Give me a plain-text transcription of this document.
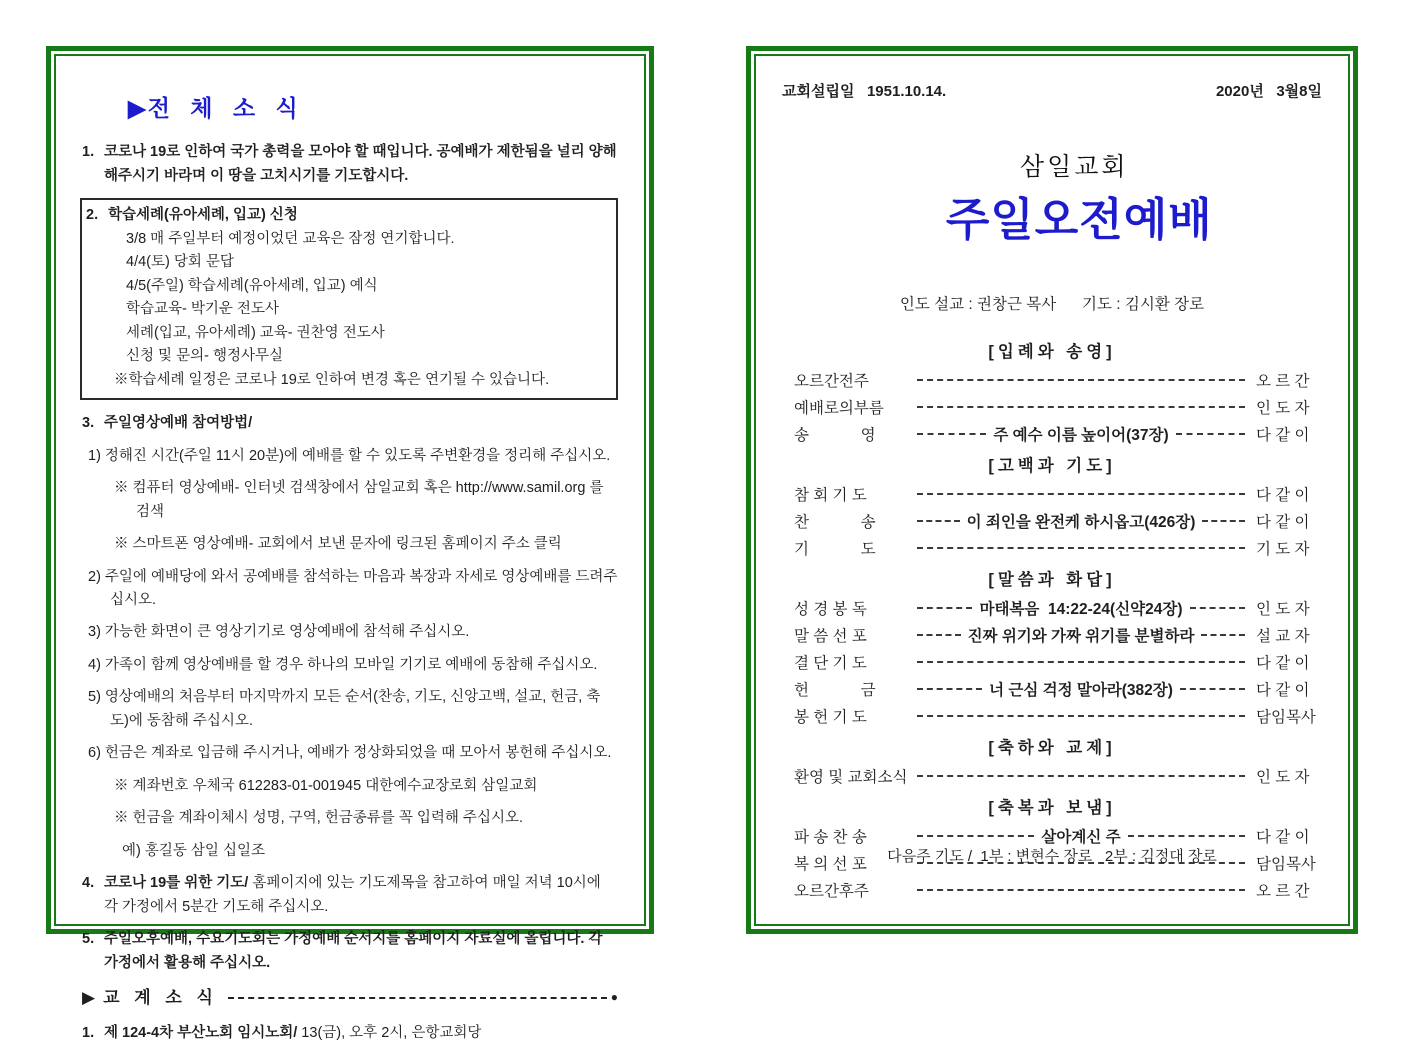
▶전 체 소 식

1. 코로나 19로 인하여 국가 총력을 모아야 할 때입니다. 공예배가 제한됨을 널리 양해 해주시기 바라며 이 땅을 고치시기를 기도합시다.

2. 학습세례(유아세례, 입교) 신청

3/8 매 주일부터 예정이었던 교육은 잠정 연기합니다.

4/4(토) 당회 문답

4/5(주일) 학습세례(유아세례, 입교) 예식

학습교육- 박기운 전도사

세례(입교, 유아세례) 교육- 권찬영 전도사

신청 및 문의- 행정사무실

※학습세례 일정은 코로나 19로 인하여 변경 혹은 연기될 수 있습니다.

3. 주일영상예배 참여방법/

1) 정해진 시간(주일 11시 20분)에 예배를 할 수 있도록 주변환경을 정리해 주십시오.

※ 컴퓨터 영상예배- 인터넷 검색창에서 삼일교회 혹은 http://www.samil.org 를 검색

※ 스마트폰 영상예배- 교회에서 보낸 문자에 링크된 홈페이지 주소 클릭

2) 주일에 예배당에 와서 공예배를 참석하는 마음과 복장과 자세로 영상예배를 드려주십시오.

3) 가능한 화면이 큰 영상기기로 영상예배에 참석해 주십시오.

4) 가족이 함께 영상예배를 할 경우 하나의 모바일 기기로 예배에 동참해 주십시오.

5) 영상예배의 처음부터 마지막까지 모든 순서(찬송, 기도, 신앙고백, 설교, 헌금, 축도)에 동참해 주십시오.

6) 헌금은 계좌로 입금해 주시거나, 예배가 정상화되었을 때 모아서 봉헌해 주십시오.

※ 계좌번호 우체국 612283-01-001945 대한예수교장로회 삼일교회

※ 헌금을 계좌이체시 성명, 구역, 헌금종류를 꼭 입력해 주십시오.

예) 홍길동 삼일 십일조

4. 코로나 19를 위한 기도/ 홈페이지에 있는 기도제목을 참고하여 매일 저녁 10시에 각 가정에서 5분간 기도해 주십시오.

5. 주일오후예배, 수요기도회는 가정예배 순서지를 홈페이지 자료실에 올립니다. 각 가정에서 활용해 주십시오.

▶ 교 계 소 식	●

1. 제 124-4차 부산노회 임시노회/ 13(금), 오후 2시, 은항교회당

교회설립일   1951.10.14.	2020년   3월8일

삼일교회
주일오전예배

인도 설교 : 권창근 목사      기도 : 김시환 장로
[입례와 송영]
오르간전주	오 르 간
예배로의부름	인 도 자
송            영	주 예수 이름 높이어(37장)	다 같 이
[고백과 기도]
참 회 기 도	다 같 이
찬            송	이 죄인을 완전케 하시옵고(426장)	다 같 이
기            도	기 도 자
[말씀과 화답]
성 경 봉 독	마태복음  14:22-24(신약24장)	인 도 자
말 씀 선 포	진짜 위기와 가짜 위기를 분별하라	설 교 자
결 단 기 도	다 같 이
헌            금	너 근심 걱정 말아라(382장)	다 같 이
봉 헌 기 도	담임목사
[축하와 교제]
환영 및 교회소식	인 도 자
[축복과 보냄]
파 송 찬 송	살아계신 주	다 같 이
복 의 선 포	담임목사
오르간후주	오 르 간
다음주 기도 /  1부 : 변현수 장로   2부 : 김정대 장로
